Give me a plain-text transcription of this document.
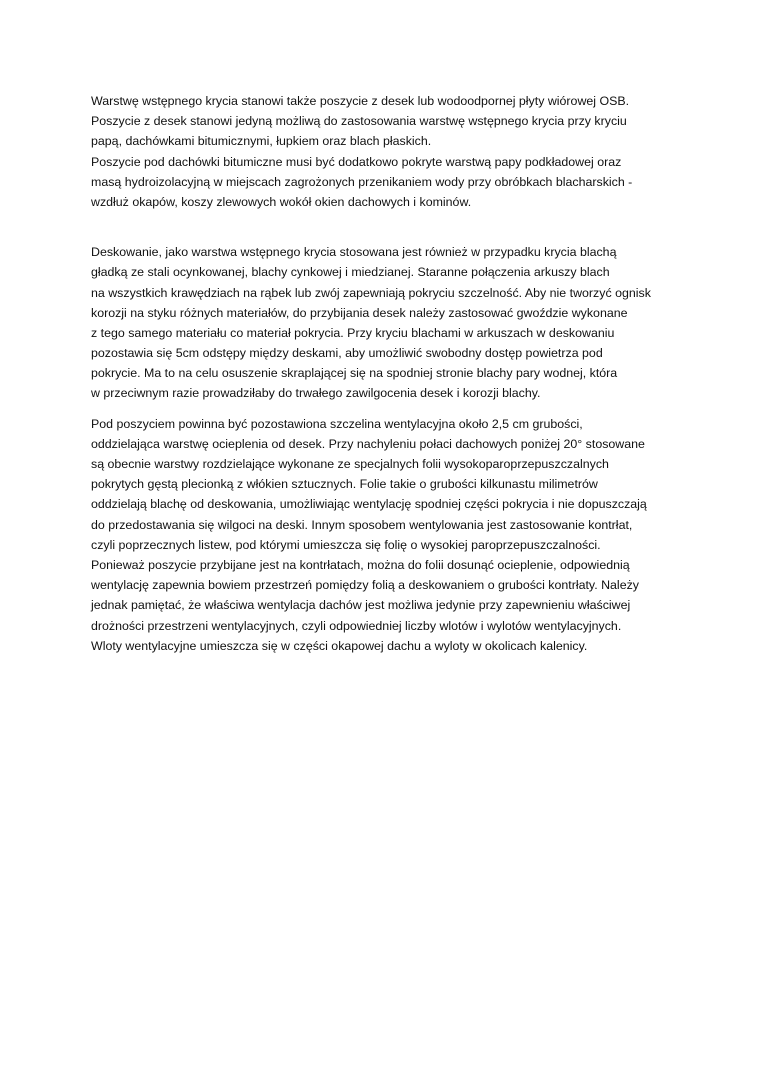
Warstwę wstępnego krycia stanowi także poszycie z desek lub wodoodpornej płyty wiórowej OSB.
Poszycie z desek stanowi jedyną możliwą do zastosowania warstwę wstępnego krycia przy kryciu
papą, dachówkami bitumicznymi, łupkiem oraz blach płaskich.
Poszycie pod dachówki bitumiczne musi być dodatkowo pokryte warstwą papy podkładowej oraz
masą hydroizolacyjną w miejscach zagrożonych przenikaniem wody przy obróbkach blacharskich -
wzdłuż okapów, koszy zlewowych wokół okien dachowych i kominów.
Deskowanie, jako warstwa wstępnego krycia stosowana jest również w przypadku krycia blachą
gładką ze stali ocynkowanej, blachy cynkowej i miedzianej. Staranne połączenia arkuszy blach
na wszystkich krawędziach na rąbek lub zwój zapewniają pokryciu szczelność. Aby nie tworzyć ognisk
korozji na styku różnych materiałów, do przybijania desek należy zastosować gwoździe wykonane
z tego samego materiału co materiał pokrycia. Przy kryciu blachami w arkuszach w deskowaniu
pozostawia się 5cm odstępy między deskami, aby umożliwić swobodny dostęp powietrza pod
pokrycie. Ma to na celu osuszenie skraplającej się na spodniej stronie blachy pary wodnej, która
w przeciwnym razie prowadziłaby do trwałego zawilgocenia desek i korozji blachy.
Pod poszyciem powinna być pozostawiona szczelina wentylacyjna około 2,5 cm grubości,
oddzielająca warstwę ocieplenia od desek. Przy nachyleniu połaci dachowych poniżej 20° stosowane
są obecnie warstwy rozdzielające wykonane ze specjalnych folii wysokoparoprzepuszczalnych
pokrytych gęstą plecionką z włókien sztucznych. Folie takie o grubości kilkunastu milimetrów
oddzielają blachę od deskowania, umożliwiając wentylację spodniej części pokrycia i nie dopuszczają
do przedostawania się wilgoci na deski. Innym sposobem wentylowania jest zastosowanie kontrłat,
czyli poprzecznych listew, pod którymi umieszcza się folię o wysokiej paroprzepuszczalności.
Ponieważ poszycie przybijane jest na kontrłatach, można do folii dosunąć ocieplenie, odpowiednią
wentylację zapewnia bowiem przestrzeń pomiędzy folią a deskowaniem o grubości kontrłaty. Należy
jednak pamiętać, że właściwa wentylacja dachów jest możliwa jedynie przy zapewnieniu właściwej
drożności przestrzeni wentylacyjnych, czyli odpowiedniej liczby wlotów i wylotów wentylacyjnych.
Wloty wentylacyjne umieszcza się w części okapowej dachu a wyloty w okolicach kalenicy.
